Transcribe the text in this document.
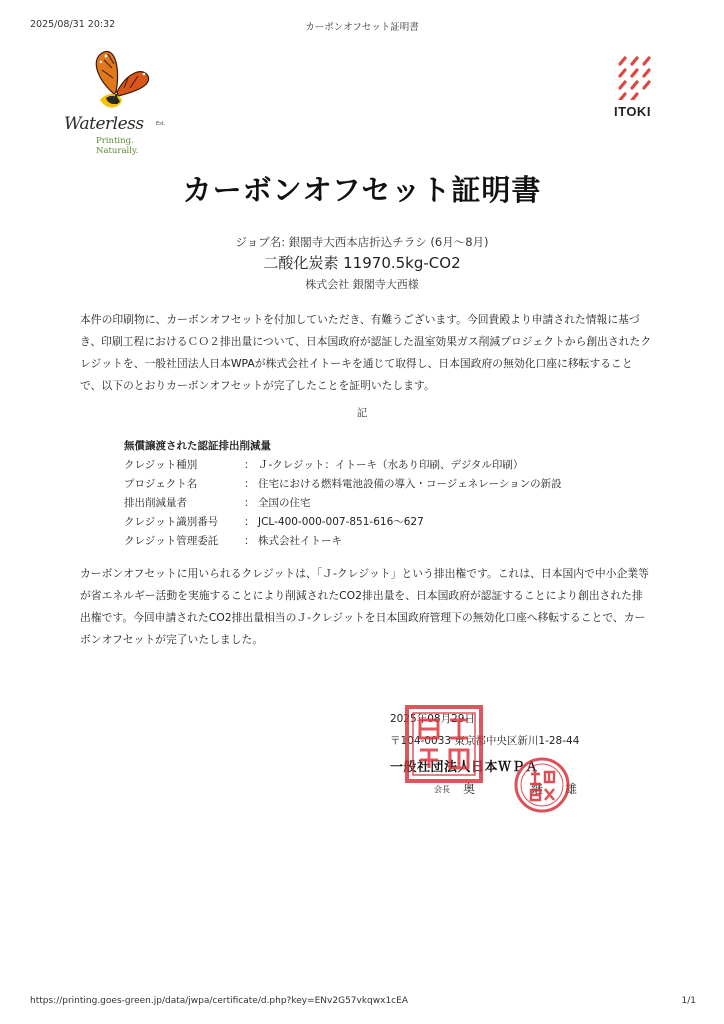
2025/08/31 20:32	カーボンオフセット証明書
Waterless Est.
Printing. Naturally.
ITOKI
カーボンオフセット証明書
ジョブ名: 銀閣寺大西本店折込チラシ (6月〜8月)
二酸化炭素 11970.5kg-CO2
株式会社 銀閣寺大西様
本件の印刷物に、カーボンオフセットを付加していただき、有難うございます。今回貴殿より申請された情報に基づき、印刷工程におけるＣＯ２排出量について、日本国政府が認証した温室効果ガス削減プロジェクトから創出されたクレジットを、一般社団法人日本WPAが株式会社イトーキを通じて取得し、日本国政府の無効化口座に移転することで、以下のとおりカーボンオフセットが完了したことを証明いたします。
記
無償譲渡された認証排出削減量
クレジット種別	： Ｊ-クレジット：イトーキ（水あり印刷、デジタル印刷）
プロジェクト名	： 住宅における燃料電池設備の導入・コージェネレーションの新設
排出削減量者	： 全国の住宅
クレジット識別番号	： JCL-400-000-007-851-616〜627
クレジット管理委託	： 株式会社イトーキ
カーボンオフセットに用いられるクレジットは、「Ｊ-クレジット」という排出権です。これは、日本国内で中小企業等が省エネルギー活動を実施することにより削減されたCO2排出量を、日本国政府が認証することにより創出された排出権です。今回申請されたCO2排出量相当のＪ-クレジットを日本国政府管理下の無効化口座へ移転することで、カーボンオフセットが完了いたしました。
2025年08月29日
〒104-0033 東京都中央区新川1-28-44
一般社団法人日本ＷＰＡ
会長 奥　継雄
https://printing.goes-green.jp/data/jwpa/certificate/d.php?key=ENv2G57vkqwx1cEA	1/1
